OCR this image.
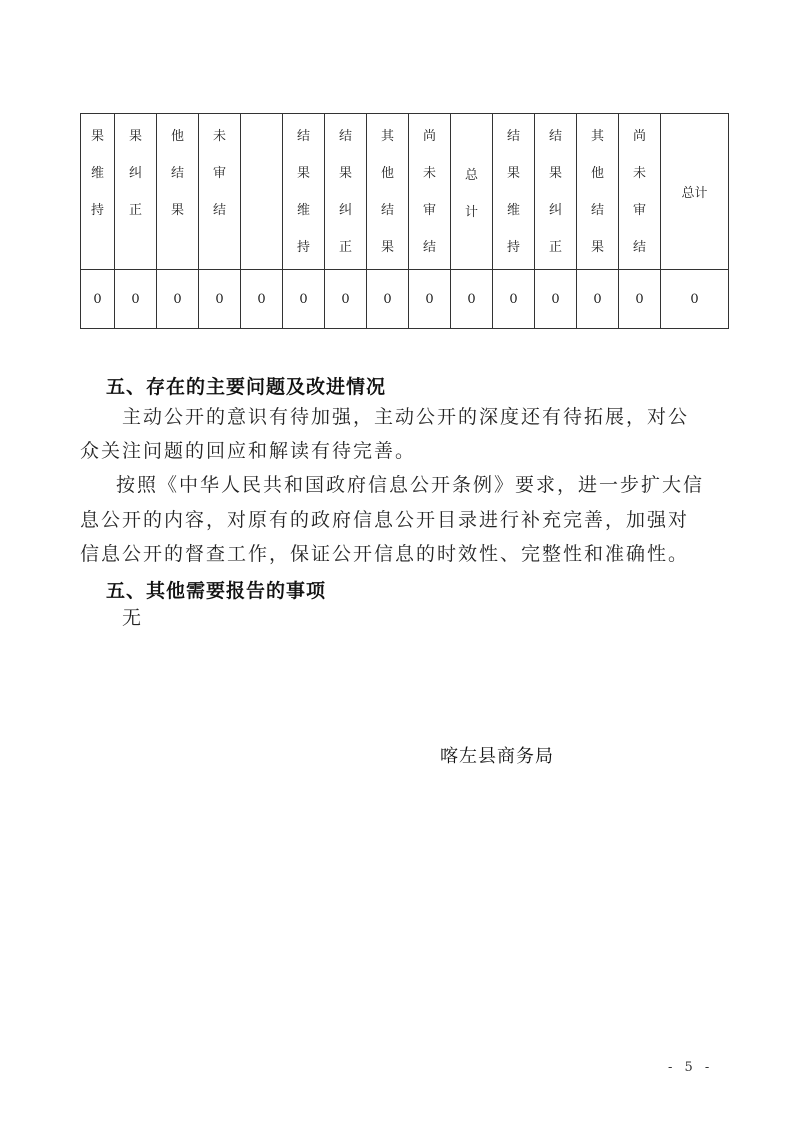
果维持	果纠正	他结果	未审结		结果维持	结果纠正	其他结果	尚未审结	总计	结果维持	结果纠正	其他结果	尚未审结	总计
0	0	0	0	0	0	0	0	0	0	0	0	0	0	0
五、存在的主要问题及改进情况
主动公开的意识有待加强，主动公开的深度还有待拓展，对公
众关注问题的回应和解读有待完善。
按照《中华人民共和国政府信息公开条例》要求，进一步扩大信
息公开的内容，对原有的政府信息公开目录进行补充完善，加强对
信息公开的督查工作，保证公开信息的时效性、完整性和准确性。
五、其他需要报告的事项
无
喀左县商务局
- 5 -
